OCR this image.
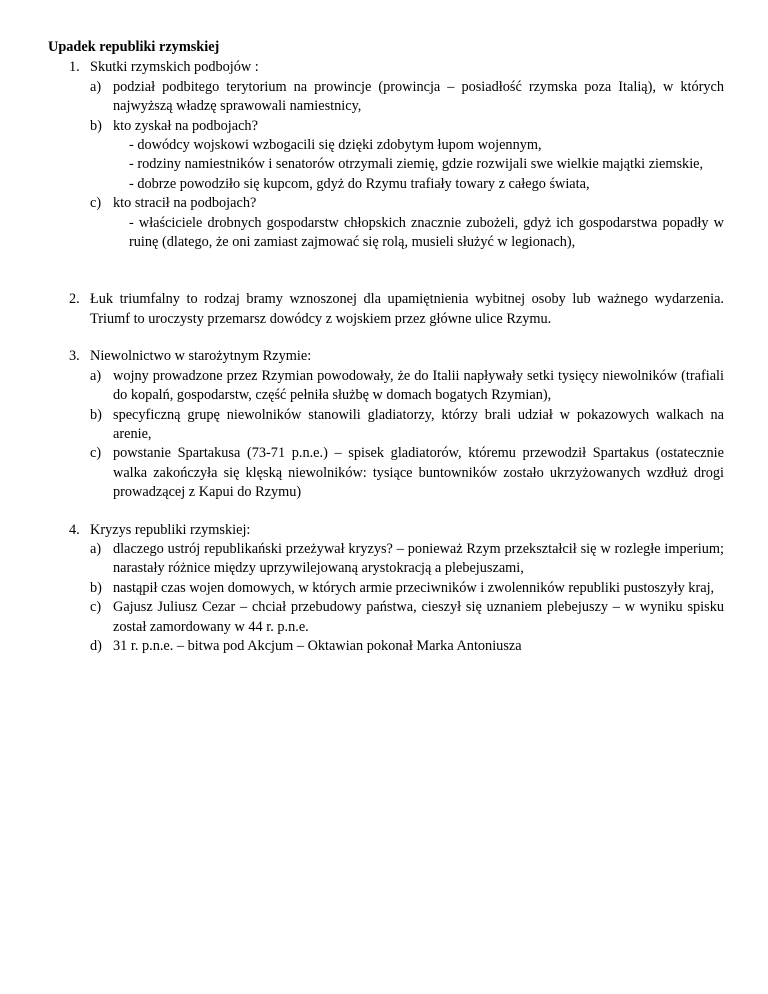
Upadek republiki rzymskiej

1. Skutki rzymskich podbojów :

a) podział podbitego terytorium na prowincje (prowincja – posiadłość rzymska poza Italią), w których najwyższą władzę sprawowali namiestnicy,

b) kto zyskał na podbojach?

- dowódcy wojskowi wzbogacili się dzięki zdobytym łupom wojennym,

- rodziny namiestników i senatorów otrzymali ziemię, gdzie rozwijali swe wielkie majątki ziemskie,

- dobrze powodziło się kupcom, gdyż do Rzymu trafiały towary z całego świata,

c) kto stracił na podbojach?

- właściciele drobnych gospodarstw chłopskich znacznie zubożeli, gdyż ich gospodarstwa popadły w ruinę (dlatego, że oni zamiast zajmować się rolą, musieli służyć w legionach),

2. Łuk triumfalny to rodzaj bramy wznoszonej dla upamiętnienia wybitnej osoby lub ważnego wydarzenia. Triumf to uroczysty przemarsz dowódcy z wojskiem przez główne ulice Rzymu.

3. Niewolnictwo w starożytnym Rzymie:

a) wojny prowadzone przez Rzymian powodowały, że do Italii napływały setki tysięcy niewolników (trafiali do kopalń, gospodarstw, część pełniła służbę w domach bogatych Rzymian),

b) specyficzną grupę niewolników stanowili gladiatorzy, którzy brali udział w pokazowych walkach na arenie,

c) powstanie Spartakusa (73-71 p.n.e.) – spisek gladiatorów, któremu przewodził Spartakus (ostatecznie walka zakończyła się klęską niewolników: tysiące buntowników zostało ukrzyżowanych wzdłuż drogi prowadzącej z Kapui do Rzymu)

4. Kryzys republiki rzymskiej:

a) dlaczego ustrój republikański przeżywał kryzys? – ponieważ Rzym przekształcił się w rozległe imperium; narastały różnice między uprzywilejowaną arystokracją a plebejuszami,

b) nastąpił czas wojen domowych, w których armie przeciwników i zwolenników republiki pustoszyły kraj,

c) Gajusz Juliusz Cezar – chciał przebudowy państwa, cieszył się uznaniem plebejuszy – w wyniku spisku został zamordowany w 44 r. p.n.e.

d) 31 r. p.n.e. – bitwa pod Akcjum – Oktawian pokonał Marka Antoniusza
